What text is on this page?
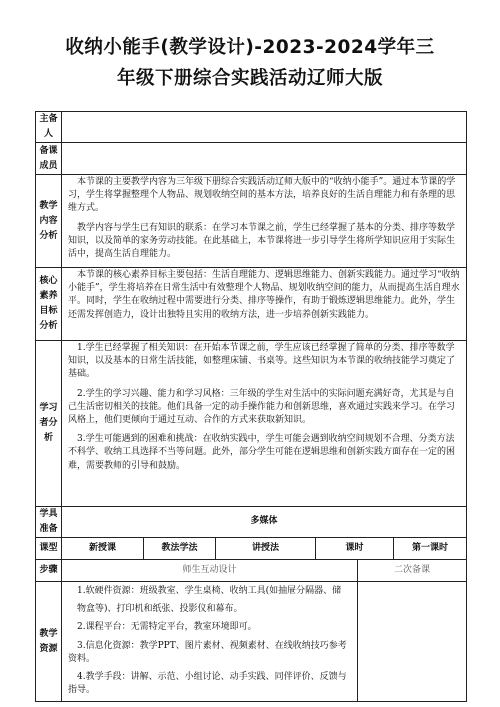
收纳小能手(教学设计)-2023-2024学年三
年级下册综合实践活动辽师大版
主备人						
备课成员						
教学内容分析	本节课的主要教学内容为三年级下册综合实践活动辽师大版中的“收纳小能手”。通过本节课的学习，学生将掌握整理个人物品、规划收纳空间的基本方法，培养良好的生活自理能力和有条理的思维方式。

教学内容与学生已有知识的联系：在学习本节课之前，学生已经掌握了基本的分类、排序等数学知识，以及简单的家务劳动技能。在此基础上，本节课将进一步引导学生将所学知识应用于实际生活中，提高生活自理能力。					

核心素养目标分析	本节课的核心素养目标主要包括：生活自理能力、逻辑思维能力、创新实践能力。通过学习“收纳小能手”，学生将培养在日常生活中有效整理个人物品、规划收纳空间的能力，从而提高生活自理水平。同时，学生在收纳过程中需要进行分类、排序等操作，有助于锻炼逻辑思维能力。此外，学生还需发挥创造力，设计出独特且实用的收纳方法，进一步培养创新实践能力。					

学习者分析	1.学生已经掌握了相关知识：在开始本节课之前，学生应该已经掌握了简单的分类、排序等数学知识，以及基本的日常生活技能，如整理床铺、书桌等。这些知识为本节课的收纳技能学习奠定了基础。

2.学生的学习兴趣、能力和学习风格：三年级的学生对生活中的实际问题充满好奇，尤其是与自己生活密切相关的技能。他们具备一定的动手操作能力和创新思维，喜欢通过实践来学习。在学习风格上，他们更倾向于通过互动、合作的方式来获取新知识。

3.学生可能遇到的困难和挑战：在收纳实践中，学生可能会遇到收纳空间规划不合理、分类方法不科学、收纳工具选择不当等问题。此外，部分学生可能在逻辑思维和创新实践方面存在一定的困难，需要教师的引导和鼓励。					

学具准备	多媒体					
课型	新授课	教法学法	讲授法	课时		第一课时
步骤	师生互动设计				二次备课	
教学资源	1.软硬件资源：班级教室、学生桌椅、收纳工具(如抽屉分隔器、储

物盒等)、打印机和纸张、投影仪和幕布。

2.课程平台：无需特定平台，教室环境即可。

3.信息化资源：教学PPT、图片素材、视频素材、在线收纳技巧参考资料。

4.教学手段：讲解、示范、小组讨论、动手实践、同伴评价、反馈与指导。					
